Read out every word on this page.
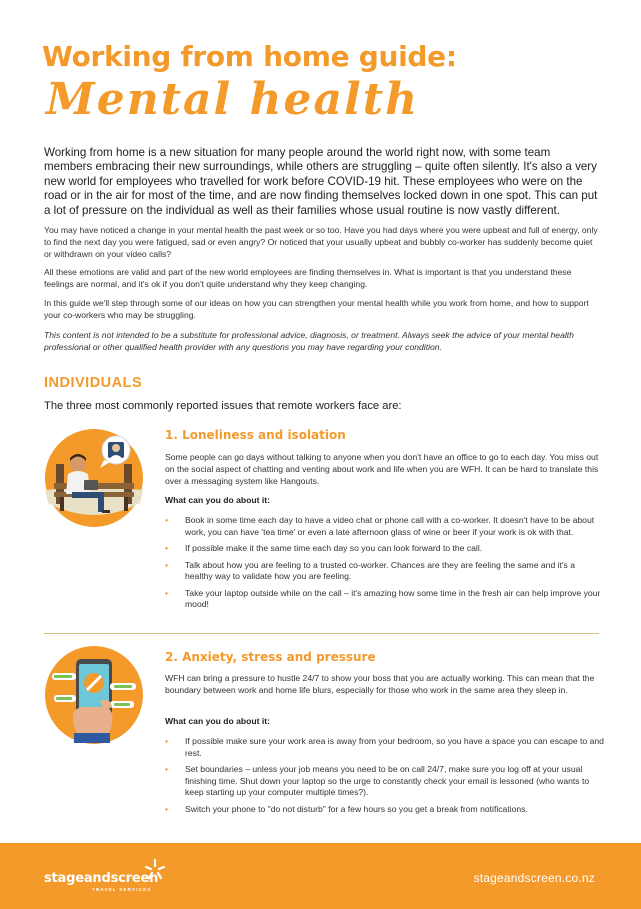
Working from home guide:
Mental health

Working from home is a new situation for many people around the world right now, with some team members embracing their new surroundings, while others are struggling – quite often silently. It's also a very new world for employees who travelled for work before COVID-19 hit. These employees who were on the road or in the air for most of the time, and are now finding themselves locked down in one spot. This can put a lot of pressure on the individual as well as their families whose usual routine is now vastly different.

You may have noticed a change in your mental health the past week or so too. Have you had days where you were upbeat and full of energy, only to find the next day you were fatigued, sad or even angry? Or noticed that your usually upbeat and bubbly co-worker has suddenly become quiet or withdrawn on your video calls?

All these emotions are valid and part of the new world employees are finding themselves in. What is important is that you understand these feelings are normal, and it's ok if you don't quite understand why they keep changing.

In this guide we'll step through some of our ideas on how you can strengthen your mental health while you work from home, and how to support your co-workers who may be struggling.

This content is not intended to be a substitute for professional advice, diagnosis, or treatment. Always seek the advice of your mental health professional or other qualified health provider with any questions you may have regarding your condition.

INDIVIDUALS

The three most commonly reported issues that remote workers face are:

1. Loneliness and isolation

Some people can go days without talking to anyone when you don't have an office to go to each day. You miss out on the social aspect of chatting and venting about work and life when you are WFH. It can be hard to translate this over a messaging system like Hangouts.

What can you do about it:

• Book in some time each day to have a video chat or phone call with a co-worker. It doesn't have to be about work, you can have 'tea time' or even a late afternoon glass of wine or beer if your work is ok with that.
• If possible make it the same time each day so you can look forward to the call.
• Talk about how you are feeling to a trusted co-worker. Chances are they are feeling the same and it's a healthy way to validate how you are feeling.
• Take your laptop outside while on the call – it's amazing how some time in the fresh air can help improve your mood!
2. Anxiety, stress and pressure

WFH can bring a pressure to hustle 24/7 to show your boss that you are actually working. This can mean that the boundary between work and home life blurs, especially for those who work in the same area they sleep in.

What can you do about it:

• If possible make sure your work area is away from your bedroom, so you have a space you can escape to and rest.
• Set boundaries – unless your job means you need to be on call 24/7, make sure you log off at your usual finishing time. Shut down your laptop so the urge to constantly check your email is lessoned (who wants to keep starting up your computer multiple times?).
• Switch your phone to "do not disturb" for a few hours so you get a break from notifications.
stageandscreen
TRAVEL SERVICES
stageandscreen.co.nz
